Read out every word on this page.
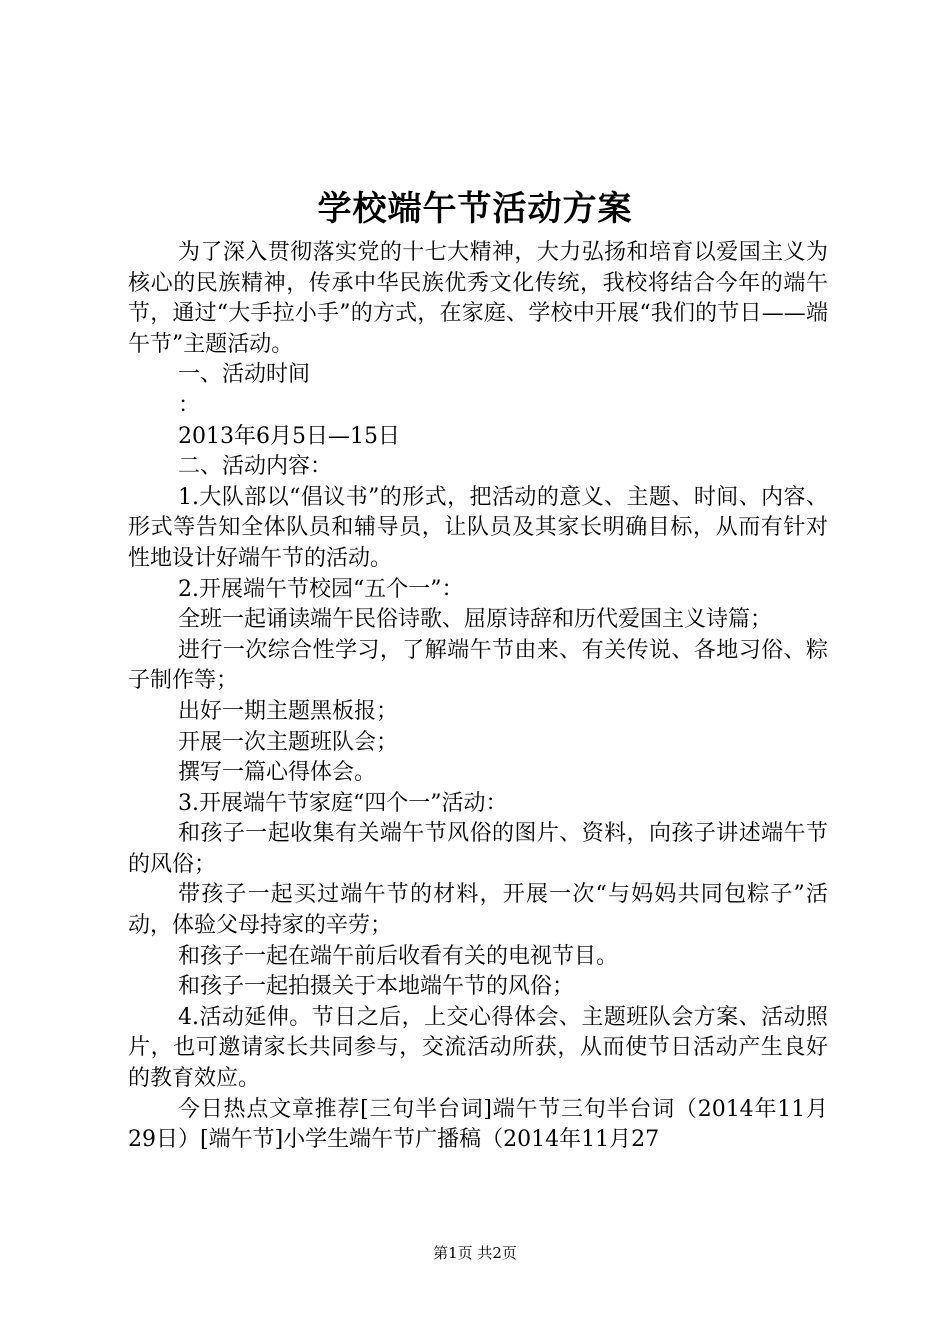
学校端午节活动方案

为了深入贯彻落实党的十七大精神，大力弘扬和培育以爱国主义为核心的民族精神，传承中华民族优秀文化传统，我校将结合今年的端午节，通过“大手拉小手”的方式，在家庭、学校中开展“我们的节日——端午节”主题活动。

一、活动时间

：

2013年6月5日—15日

二、活动内容：

1.大队部以“倡议书”的形式，把活动的意义、主题、时间、内容、形式等告知全体队员和辅导员，让队员及其家长明确目标，从而有针对性地设计好端午节的活动。

2.开展端午节校园“五个一”：

全班一起诵读端午民俗诗歌、屈原诗辞和历代爱国主义诗篇；

进行一次综合性学习，了解端午节由来、有关传说、各地习俗、粽子制作等；

出好一期主题黑板报；

开展一次主题班队会；

撰写一篇心得体会。

3.开展端午节家庭“四个一”活动：

和孩子一起收集有关端午节风俗的图片、资料，向孩子讲述端午节的风俗；

带孩子一起买过端午节的材料，开展一次“与妈妈共同包粽子”活动，体验父母持家的辛劳；

和孩子一起在端午前后收看有关的电视节目。

和孩子一起拍摄关于本地端午节的风俗；

4.活动延伸。节日之后，上交心得体会、主题班队会方案、活动照片，也可邀请家长共同参与，交流活动所获，从而使节日活动产生良好的教育效应。

今日热点文章推荐[三句半台词]端午节三句半台词（2014年11月29日）[端午节]小学生端午节广播稿（2014年11月27

第1页 共2页
